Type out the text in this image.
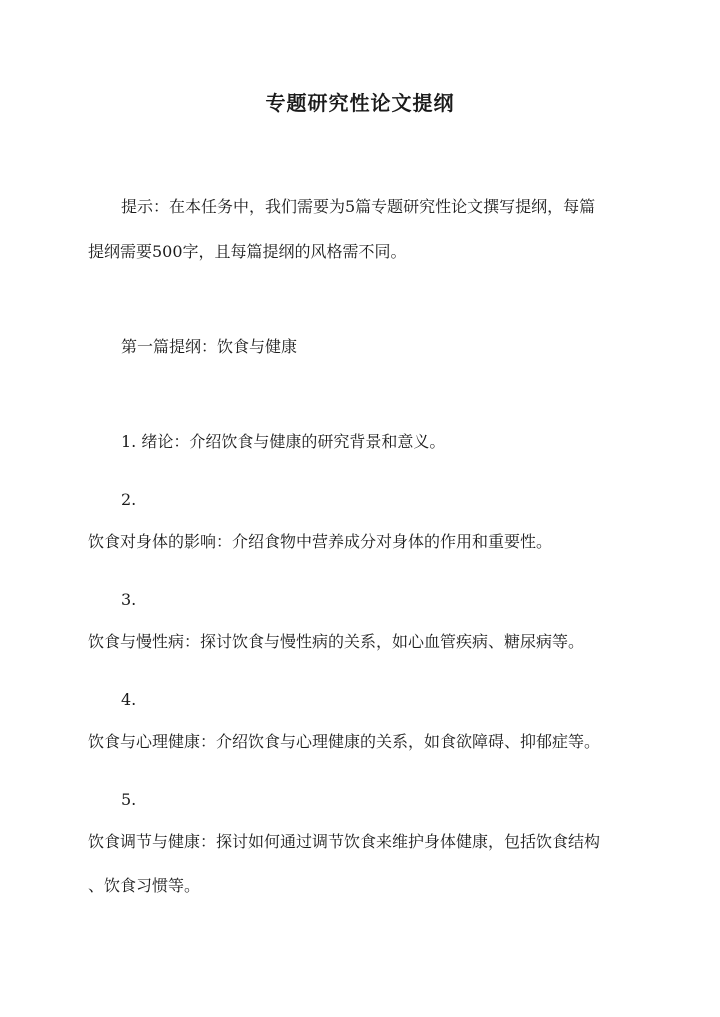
专题研究性论文提纲
提示：在本任务中，我们需要为5篇专题研究性论文撰写提纲，每篇
提纲需要500字，且每篇提纲的风格需不同。
第一篇提纲：饮食与健康
1. 绪论：介绍饮食与健康的研究背景和意义。
2.
饮食对身体的影响：介绍食物中营养成分对身体的作用和重要性。
3.
饮食与慢性病：探讨饮食与慢性病的关系，如心血管疾病、糖尿病等。
4.
饮食与心理健康：介绍饮食与心理健康的关系，如食欲障碍、抑郁症等。
5.
饮食调节与健康：探讨如何通过调节饮食来维护身体健康，包括饮食结构
、饮食习惯等。
